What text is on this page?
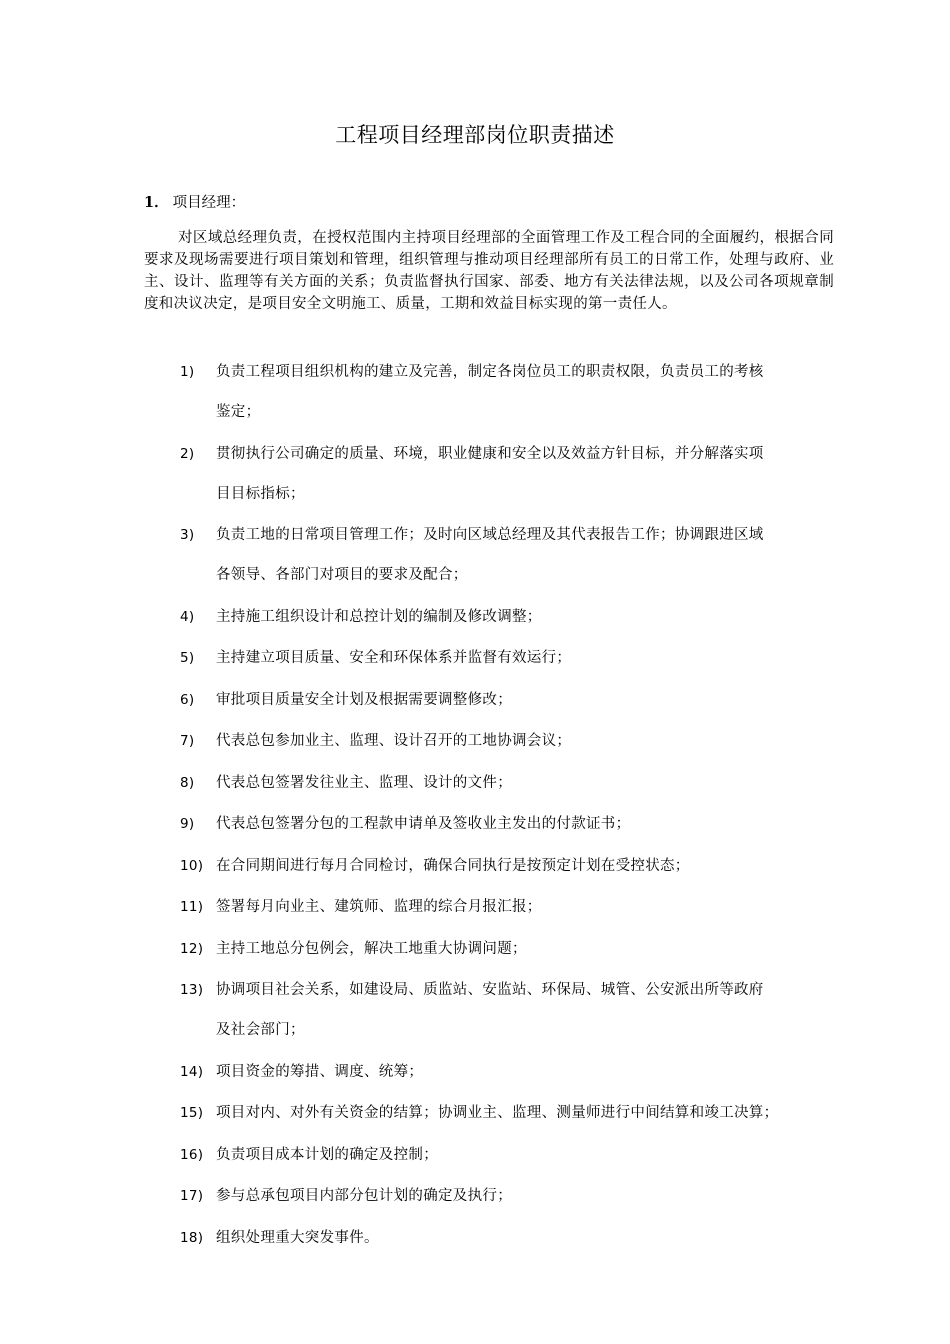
工程项目经理部岗位职责描述
1． 项目经理：
对区域总经理负责，在授权范围内主持项目经理部的全面管理工作及工程合同的全面履约，根据合同要求及现场需要进行项目策划和管理，组织管理与推动项目经理部所有员工的日常工作，处理与政府、业主、设计、监理等有关方面的关系；负责监督执行国家、部委、地方有关法律法规，以及公司各项规章制度和决议决定，是项目安全文明施工、质量，工期和效益目标实现的第一责任人。
1)	负责工程项目组织机构的建立及完善，制定各岗位员工的职责权限，负责员工的考核
鉴定；
2)	贯彻执行公司确定的质量、环境，职业健康和安全以及效益方针目标，并分解落实项
目目标指标；
3)	负责工地的日常项目管理工作；及时向区域总经理及其代表报告工作；协调跟进区域
各领导、各部门对项目的要求及配合；
4)	主持施工组织设计和总控计划的编制及修改调整；
5)	主持建立项目质量、安全和环保体系并监督有效运行；
6)	审批项目质量安全计划及根据需要调整修改；
7)	代表总包参加业主、监理、设计召开的工地协调会议；
8)	代表总包签署发往业主、监理、设计的文件；
9)	代表总包签署分包的工程款申请单及签收业主发出的付款证书；
10) 在合同期间进行每月合同检讨，确保合同执行是按预定计划在受控状态；
11) 签署每月向业主、建筑师、监理的综合月报汇报；
12) 主持工地总分包例会，解决工地重大协调问题；
13) 协调项目社会关系，如建设局、质监站、安监站、环保局、城管、公安派出所等政府
及社会部门；
14) 项目资金的筹措、调度、统筹；
15) 项目对内、对外有关资金的结算；协调业主、监理、测量师进行中间结算和竣工决算；
16) 负责项目成本计划的确定及控制；
17) 参与总承包项目内部分包计划的确定及执行；
18) 组织处理重大突发事件。
